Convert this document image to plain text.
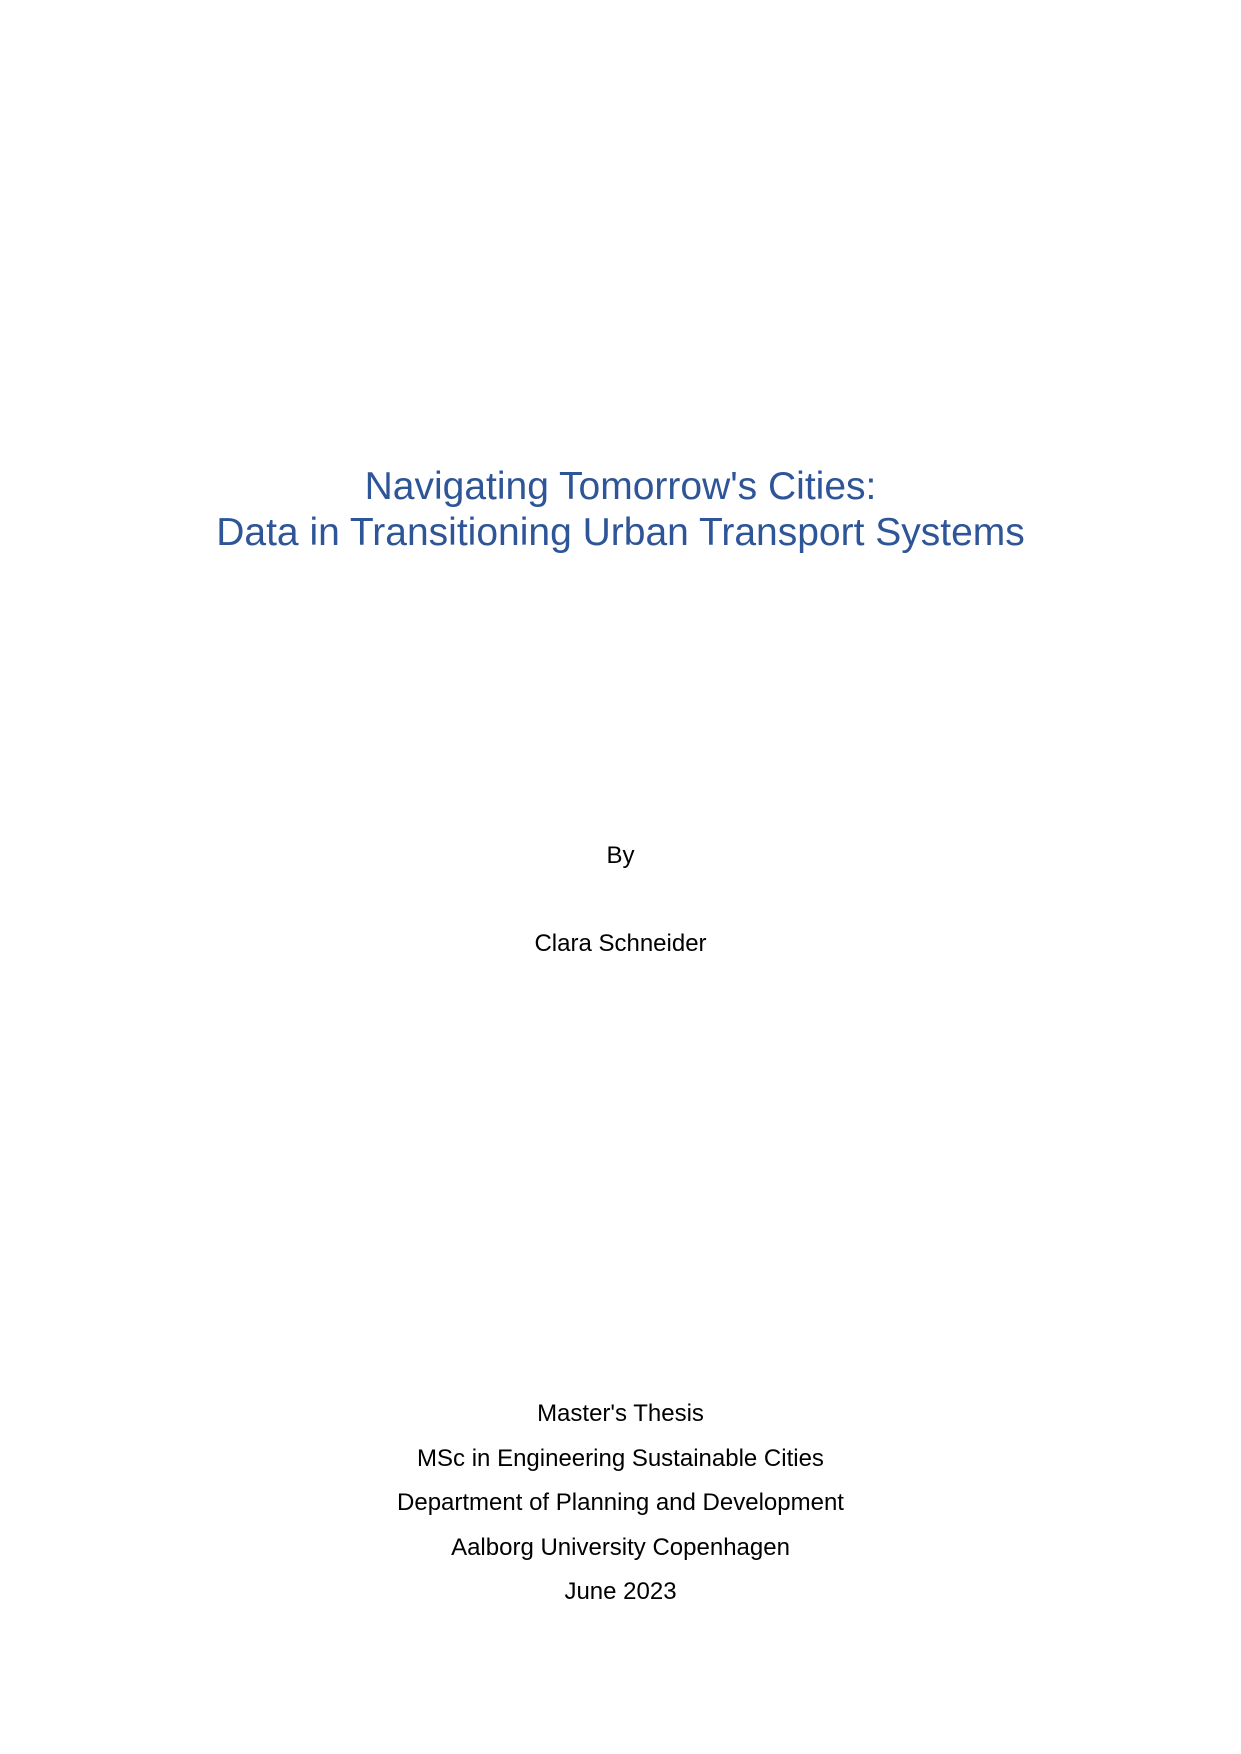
Navigating Tomorrow's Cities:
Data in Transitioning Urban Transport Systems
By
Clara Schneider
Master's Thesis
MSc in Engineering Sustainable Cities
Department of Planning and Development
Aalborg University Copenhagen
June 2023
